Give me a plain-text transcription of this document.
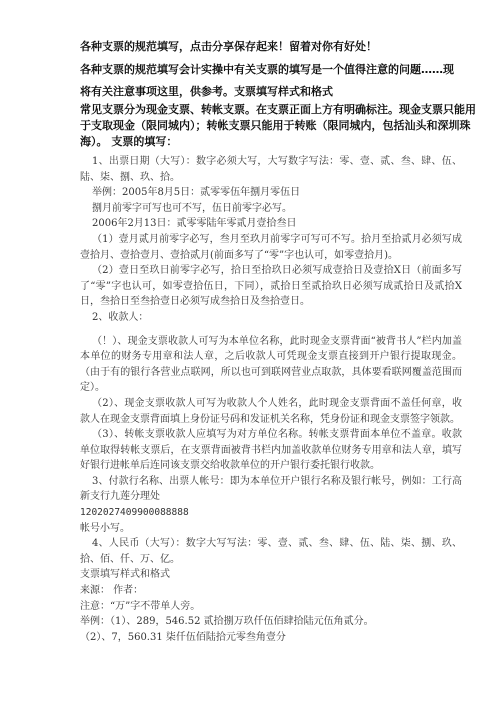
各种支票的规范填写，点击分享保存起来！留着对你有好处！

各种支票的规范填写会计实操中有关支票的填写是一个值得注意的问题……现

将有关注意事项这里，供参考。支票填写样式和格式

常见支票分为现金支票、转帐支票。在支票正面上方有明确标注。现金支票只能用于支取现金（限同城内）；转帐支票只能用于转账（限同城内，包括汕头和深圳珠海）。 支票的填写：

1、出票日期（大写）：数字必须大写，大写数字写法：零、壹、贰、叁、肆、伍、陆、柒、捌、玖、拾。

举例：2005年8月5日：贰零零伍年捌月零伍日

捌月前零字可写也可不写，伍日前零字必写。

2006年2月13日：贰零零陆年零贰月壹拾叁日

（1）壹月贰月前零字必写，叁月至玖月前零字可写可不写。拾月至拾贰月必须写成壹拾月、壹拾壹月、壹拾贰月(前面多写了“零”字也认可，如零壹拾月)。

（2）壹日至玖日前零字必写，拾日至拾玖日必须写成壹拾日及壹拾Ⅹ日（前面多写了“零”字也认可，如零壹拾伍日，下同），贰拾日至贰拾玖日必须写成贰拾日及贰拾Ⅹ日，叁拾日至叁拾壹日必须写成叁拾日及叁拾壹日。

2、收款人：

（！）、现金支票收款人可写为本单位名称，此时现金支票背面“被背书人”栏内加盖本单位的财务专用章和法人章，之后收款人可凭现金支票直接到开户银行提取现金。（由于有的银行各营业点联网，所以也可到联网营业点取款，具体要看联网覆盖范围而定）。

（2）、现金支票收款人可写为收款人个人姓名，此时现金支票背面不盖任何章，收款人在现金支票背面填上身份证号码和发证机关名称，凭身份证和现金支票签字领款。

（3）、转帐支票收款人应填写为对方单位名称。转帐支票背面本单位不盖章。收款单位取得转帐支票后，在支票背面被背书栏内加盖收款单位财务专用章和法人章，填写好银行进帐单后连同该支票交给收款单位的开户银行委托银行收款。

3、付款行名称、出票人帐号：即为本单位开户银行名称及银行帐号，例如：工行高新支行九莲分理处

1202027409900088888

帐号小写。

4、人民币（大写）：数字大写写法：零、壹、贰、叁、肆、伍、陆、柒、捌、玖、拾、佰、仟、万、亿。

支票填写样式和格式

来源： 作者：

注意：“万”字不带单人旁。

举例：（1）、289，546.52 贰拾捌万玖仟伍佰肆拾陆元伍角贰分。

（2）、7，560.31 柒仟伍佰陆拾元零叁角壹分
